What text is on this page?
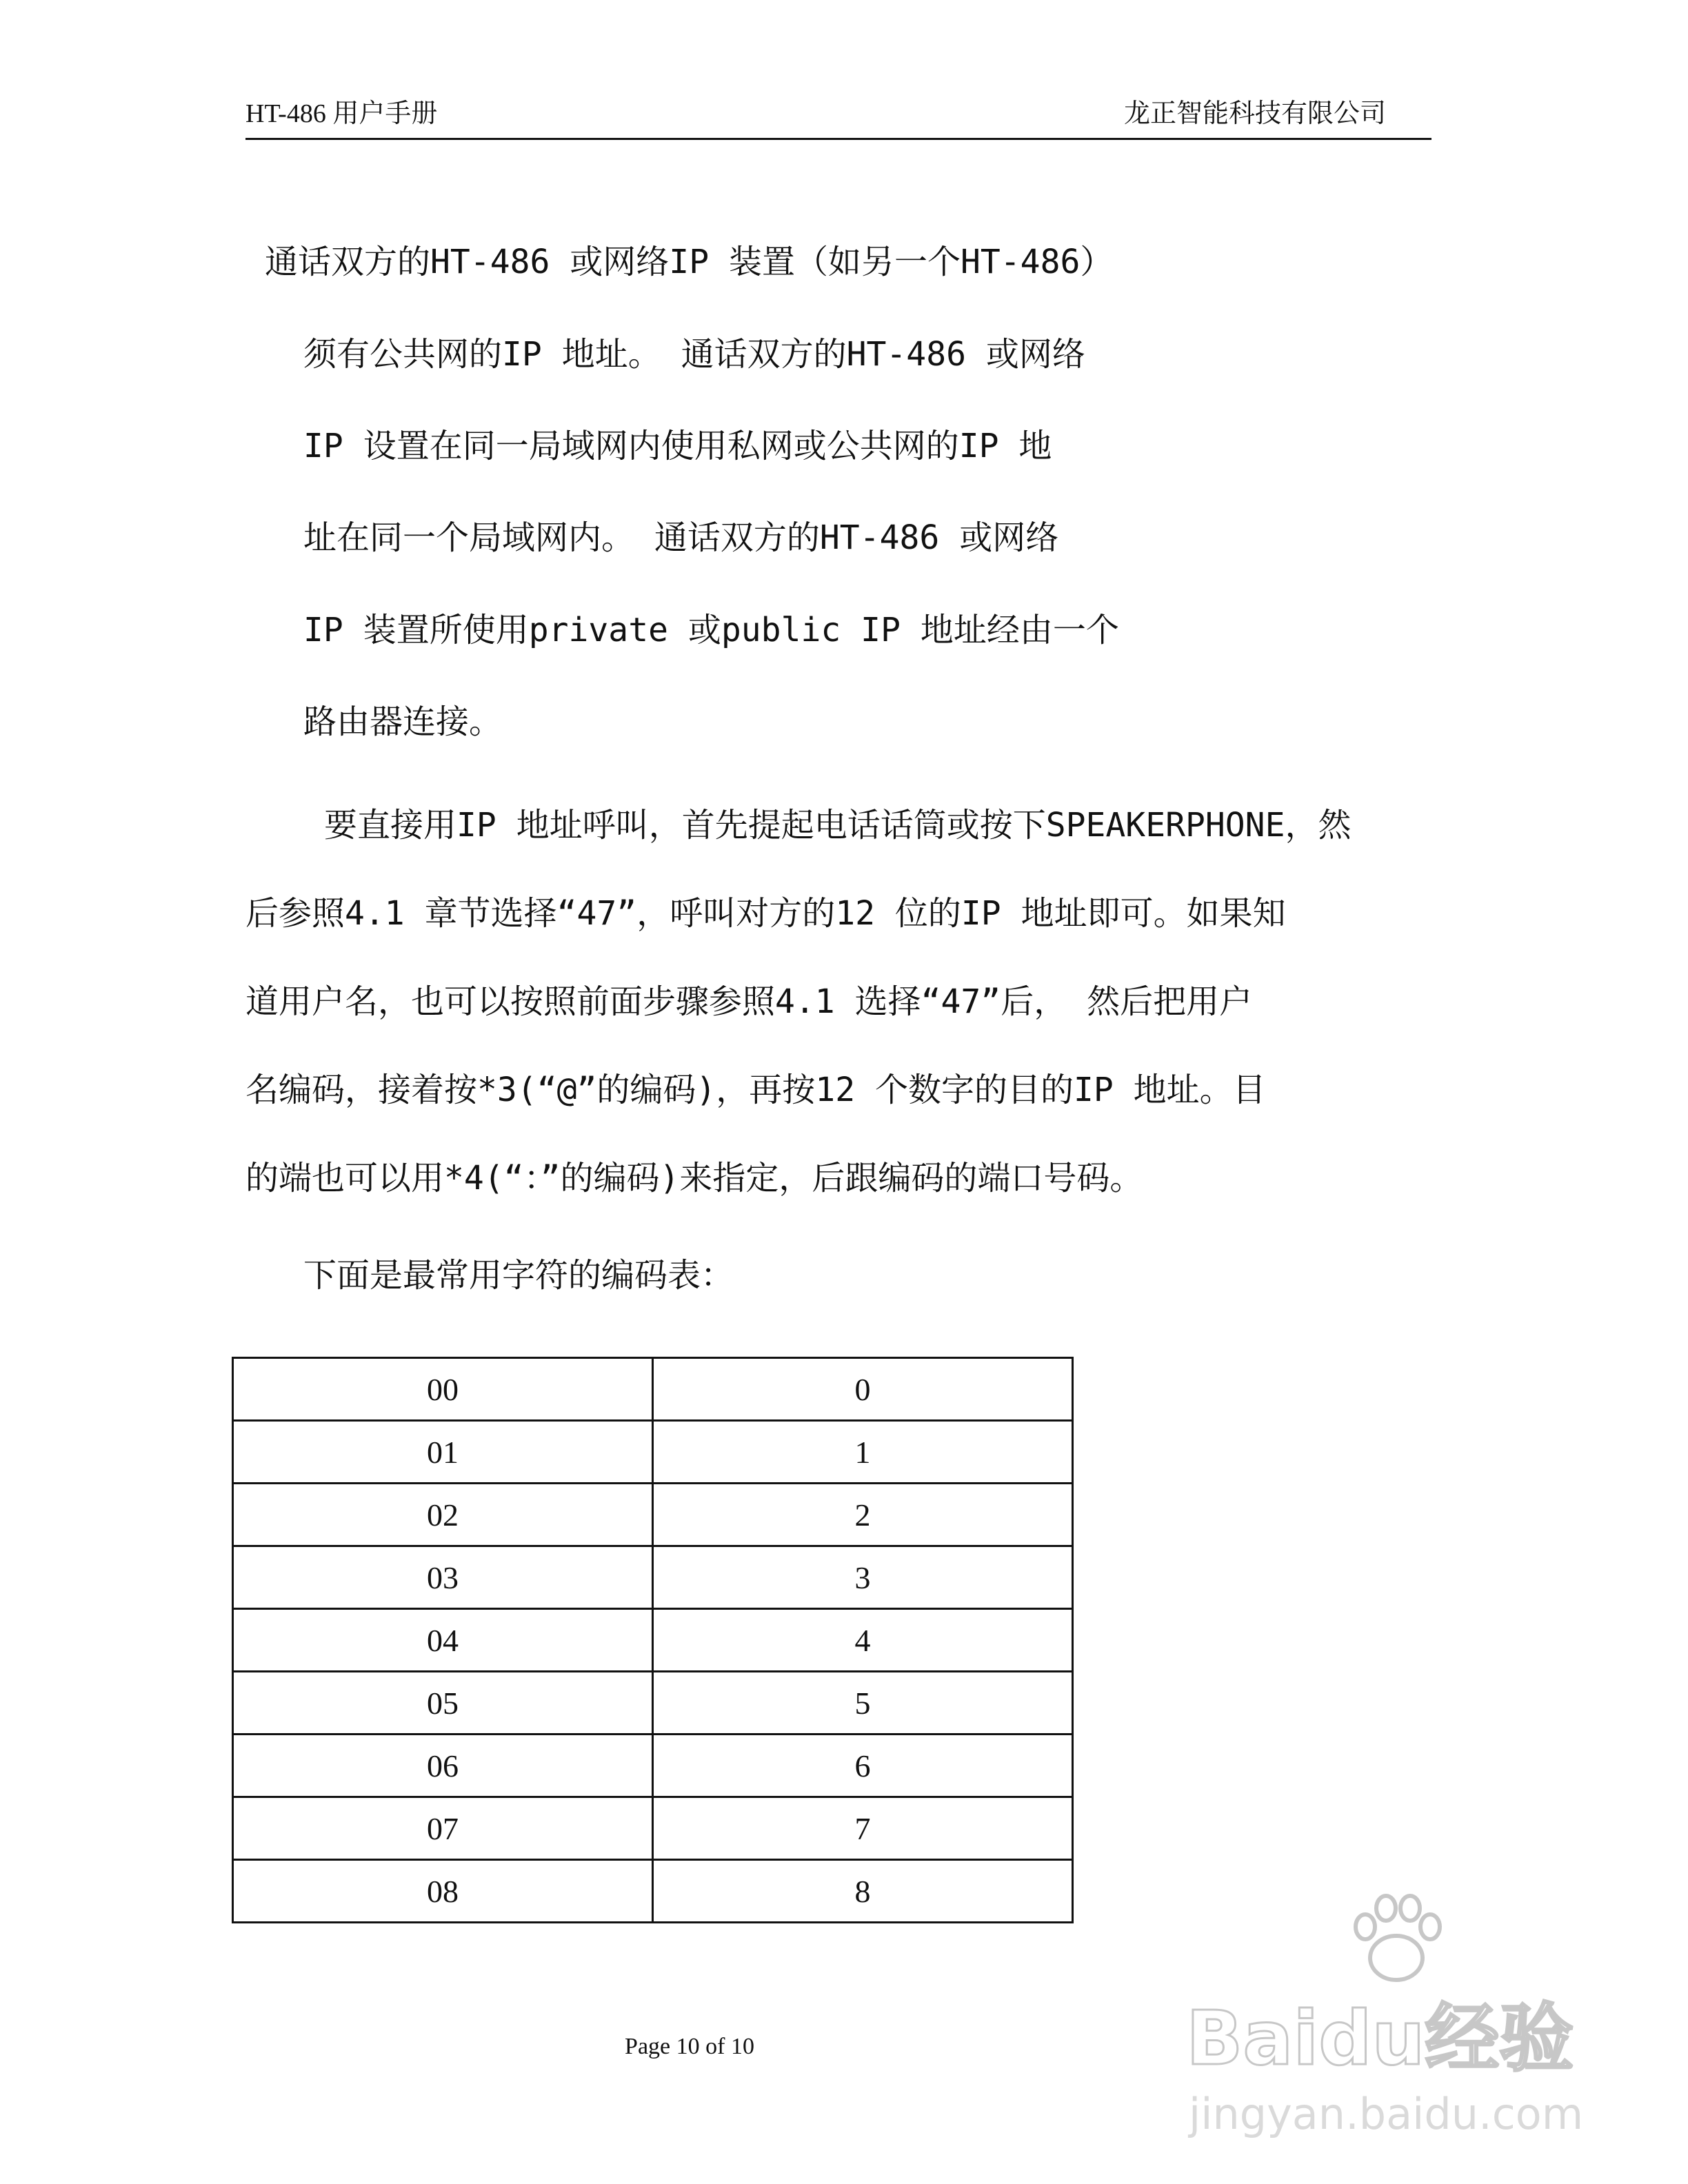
HT-486 用户手册	龙正智能科技有限公司
通话双方的HT-486 或网络IP 装置（如另一个HT-486）
须有公共网的IP 地址。 通话双方的HT-486 或网络
IP 设置在同一局域网内使用私网或公共网的IP 地
址在同一个局域网内。 通话双方的HT-486 或网络
IP 装置所使用private 或public IP 地址经由一个
路由器连接。
要直接用IP 地址呼叫，首先提起电话话筒或按下SPEAKERPHONE，然
后参照4.1 章节选择“47”，呼叫对方的12 位的IP 地址即可。如果知
道用户名，也可以按照前面步骤参照4.1 选择“47”后， 然后把用户
名编码，接着按*3(“@”的编码)，再按12 个数字的目的IP 地址。目
的端也可以用*4(“：”的编码)来指定，后跟编码的端口号码。
下面是最常用字符的编码表：
00	0
01	1
02	2
03	3
04	4
05	5
06	6
07	7
08	8
Page 10 of 10	Baidu经验
jingyan.baidu.com
